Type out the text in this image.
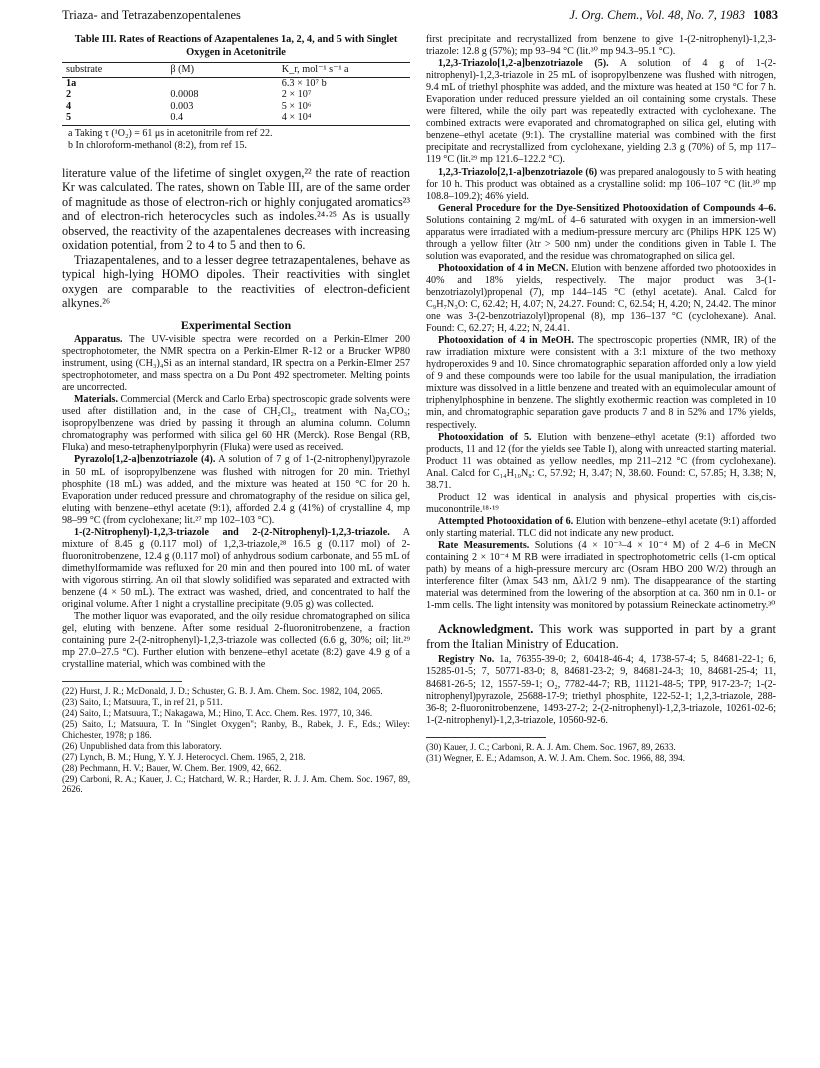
Triaza- and Tetrazabenzopentalenes	J. Org. Chem., Vol. 48, No. 7, 1983 1083
Table III. Rates of Reactions of Azapentalenes 1a, 2, 4, and 5 with Singlet Oxygen in Acetonitrile
substrate	β (M)	K_r, mol⁻¹ s⁻¹ a
1a		6.3 × 10⁷ b
2	0.0008	2 × 10⁷
4	0.003	5 × 10⁶
5	0.4	4 × 10⁴
a Taking τ (¹O₂) = 61 μs in acetonitrile from ref 22.
b In chloroform-methanol (8:2), from ref 15.

literature value of the lifetime of singlet oxygen,²² the rate of reaction Kr was calculated. The rates, shown on Table III, are of the same order of magnitude as those of electron-rich or highly conjugated aromatics²³ and of electron-rich heterocycles such as indoles.²⁴·²⁵ As is usually observed, the reactivity of the azapentalenes decreases with increasing oxidation potential, from 2 to 4 to 5 and then to 6.

Triazapentalenes, and to a lesser degree tetrazapentalenes, behave as typical high-lying HOMO dipoles. Their reactivities with singlet oxygen are comparable to the reactivities of electron-deficient alkynes.²⁶

Experimental Section

Apparatus. The UV-visible spectra were recorded on a Perkin-Elmer 200 spectrophotometer, the NMR spectra on a Perkin-Elmer R-12 or a Brucker WP80 instrument, using (CH₃)₄Si as an internal standard, IR spectra on a Perkin-Elmer 257 spectrophotometer, and mass spectra on a Du Pont 492 spectrometer. Melting points are uncorrected.

Materials. Commercial (Merck and Carlo Erba) spectroscopic grade solvents were used after distillation and, in the case of CH₂Cl₂, treatment with Na₂CO₃; isopropylbenzene was dried by passing it through an alumina column. Column chromatography was performed with silica gel 60 HR (Merck). Rose Bengal (RB, Fluka) and meso-tetraphenylporphyrin (Fluka) were used as received.

Pyrazolo[1,2-a]benzotriazole (4). A solution of 7 g of 1-(2-nitrophenyl)pyrazole in 50 mL of isopropylbenzene was flushed with nitrogen for 20 min. Triethyl phosphite (18 mL) was added, and the mixture was heated at 150 °C for 20 h. Evaporation under reduced pressure and chromatography of the residue on silica gel, eluting with benzene–ethyl acetate (9:1), afforded 2.4 g (41%) of crystalline 4, mp 98–99 °C (from cyclohexane; lit.²⁷ mp 102–103 °C).

1-(2-Nitrophenyl)-1,2,3-triazole and 2-(2-Nitrophenyl)-1,2,3-triazole. A mixture of 8.45 g (0.117 mol) of 1,2,3-triazole,²⁸ 16.5 g (0.117 mol) of 2-fluoronitrobenzene, 12.4 g (0.117 mol) of anhydrous sodium carbonate, and 55 mL of dimethylformamide was refluxed for 20 min and then poured into 100 mL of water with vigorous stirring. An oil that slowly solidified was separated and extracted with benzene (4 × 50 mL). The extract was washed, dried, and concentrated to half the original volume. After 1 night a crystalline precipitate (9.05 g) was collected.

The mother liquor was evaporated, and the oily residue chromatographed on silica gel, eluting with benzene. After some residual 2-fluoronitrobenzene, a fraction containing pure 2-(2-nitrophenyl)-1,2,3-triazole was collected (6.6 g, 30%; oil; lit.²⁹ mp 27.0–27.5 °C). Further elution with benzene–ethyl acetate (8:2) gave 4.9 g of a crystalline material, which was combined with the

(22) Hurst, J. R.; McDonald, J. D.; Schuster, G. B. J. Am. Chem. Soc. 1982, 104, 2065.
(23) Saito, I.; Matsuura, T., in ref 21, p 511.
(24) Saito, I.; Matsuura, T.; Nakagawa, M.; Hino, T. Acc. Chem. Res. 1977, 10, 346.
(25) Saito, I.; Matsuura, T. In "Singlet Oxygen"; Ranby, B., Rabek, J. F., Eds.; Wiley: Chichester, 1978; p 186.
(26) Unpublished data from this laboratory.
(27) Lynch, B. M.; Hung, Y. Y. J. Heterocycl. Chem. 1965, 2, 218.
(28) Pechmann, H. V.; Bauer, W. Chem. Ber. 1909, 42, 662.
(29) Carboni, R. A.; Kauer, J. C.; Hatchard, W. R.; Harder, R. J. J. Am. Chem. Soc. 1967, 89, 2626.

first precipitate and recrystallized from benzene to give 1-(2-nitrophenyl)-1,2,3-triazole: 12.8 g (57%); mp 93–94 °C (lit.³⁰ mp 94.3–95.1 °C).

1,2,3-Triazolo[1,2-a]benzotriazole (5). A solution of 4 g of 1-(2-nitrophenyl)-1,2,3-triazole in 25 mL of isopropylbenzene was flushed with nitrogen, 9.4 mL of triethyl phosphite was added, and the mixture was heated at 150 °C for 7 h. Evaporation under reduced pressure yielded an oil containing some crystals. These were filtered, while the oily part was repeatedly extracted with cyclohexane. The combined extracts were evaporated and chromatographed on silica gel, eluting with benzene–ethyl acetate (9:1). The crystalline material was combined with the first precipitate and recrystallized from cyclohexane, yielding 2.3 g (70%) of 5, mp 117–119 °C (lit.²⁹ mp 121.6–122.2 °C).

1,2,3-Triazolo[2,1-a]benzotriazole (6) was prepared analogously to 5 with heating for 10 h. This product was obtained as a crystalline solid: mp 106–107 °C (lit.³⁰ mp 108.8–109.2); 46% yield.

General Procedure for the Dye-Sensitized Photooxidation of Compounds 4–6. Solutions containing 2 mg/mL of 4–6 saturated with oxygen in an immersion-well apparatus were irradiated with a medium-pressure mercury arc (Philips HPK 125 W) through a yellow filter (λtr > 500 nm) under the conditions given in Table I. The solution was evaporated, and the residue was chromatographed on silica gel.

Photooxidation of 4 in MeCN. Elution with benzene afforded two photooxides in 40% and 18% yields, respectively. The major product was 3-(1-benzotriazolyl)propenal (7), mp 144–145 °C (ethyl acetate). Anal. Calcd for C₉H₇N₃O: C, 62.42; H, 4.07; N, 24.27. Found: C, 62.54; H, 4.20; N, 24.42. The minor one was 3-(2-benzotriazolyl)propenal (8), mp 136–137 °C (cyclohexane). Anal. Found: C, 62.27; H, 4.22; N, 24.41.

Photooxidation of 4 in MeOH. The spectroscopic properties (NMR, IR) of the raw irradiation mixture were consistent with a 3:1 mixture of the two methoxy hydroperoxides 9 and 10. Since chromatographic separation afforded only a low yield of 9 and these compounds were too labile for the usual manipulation, the irradiation mixture was dissolved in a little benzene and treated with an equimolecular amount of triphenylphosphine in benzene. The slightly exothermic reaction was completed in 10 min, and chromatographic separation gave products 7 and 8 in 52% and 17% yields, respectively.

Photooxidation of 5. Elution with benzene–ethyl acetate (9:1) afforded two products, 11 and 12 (for the yields see Table I), along with unreacted starting material. Product 11 was obtained as yellow needles, mp 211–212 °C (from cyclohexane). Anal. Calcd for C₁₄H₁₀N₈: C, 57.92; H, 3.47; N, 38.60. Found: C, 57.85; H, 3.38; N, 38.71.

Product 12 was identical in analysis and physical properties with cis,cis-muconontrile.¹⁸·¹⁹

Attempted Photooxidation of 6. Elution with benzene–ethyl acetate (9:1) afforded only starting material. TLC did not indicate any new product.

Rate Measurements. Solutions (4 × 10⁻³–4 × 10⁻⁴ M) of 2 4–6 in MeCN containing 2 × 10⁻⁴ M RB were irradiated in spectrophotometric cells (1-cm optical path) by means of a high-pressure mercury arc (Osram HBO 200 W/2) through an interference filter (λmax 543 nm, Δλ1/2 9 nm). The disappearance of the starting material was determined from the lowering of the absorption at ca. 360 nm in 0.1- or 1-mm cells. The light intensity was monitored by potassium Reineckate actinometry.³⁰

Acknowledgment. This work was supported in part by a grant from the Italian Ministry of Education.

Registry No. 1a, 76355-39-0; 2, 60418-46-4; 4, 1738-57-4; 5, 84681-22-1; 6, 15285-01-5; 7, 50771-83-0; 8, 84681-23-2; 9, 84681-24-3; 10, 84681-25-4; 11, 84681-26-5; 12, 1557-59-1; O₂, 7782-44-7; RB, 11121-48-5; TPP, 917-23-7; 1-(2-nitrophenyl)pyrazole, 25688-17-9; triethyl phosphite, 122-52-1; 1,2,3-triazole, 288-36-8; 2-fluoronitrobenzene, 1493-27-2; 2-(2-nitrophenyl)-1,2,3-triazole, 10261-02-6; 1-(2-nitrophenyl)-1,2,3-triazole, 10560-92-6.

(30) Kauer, J. C.; Carboni, R. A. J. Am. Chem. Soc. 1967, 89, 2633.
(31) Wegner, E. E.; Adamson, A. W. J. Am. Chem. Soc. 1966, 88, 394.
